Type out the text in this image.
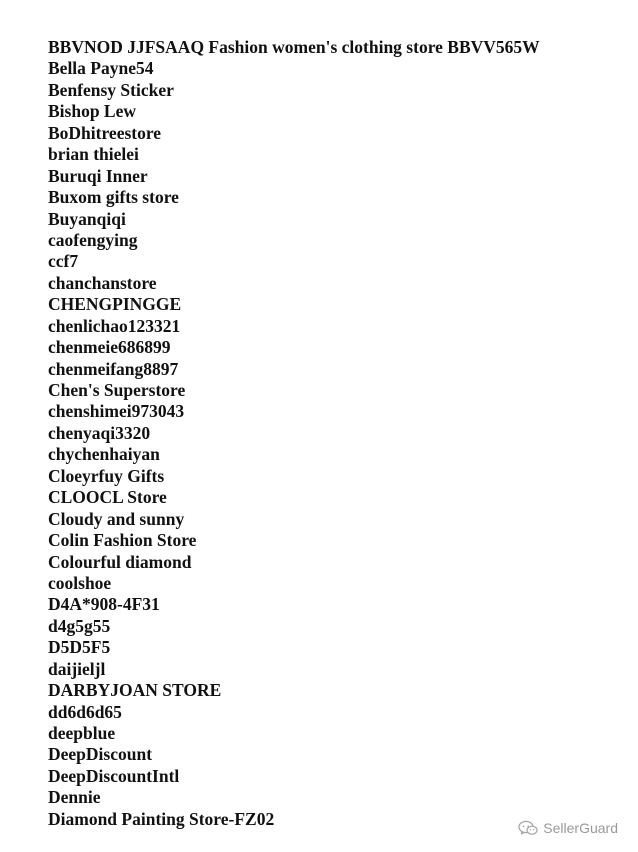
BBVNOD JJFSAAQ Fashion women's clothing store BBVV565W
Bella Payne54
Benfensy Sticker
Bishop Lew
BoDhitreestore
brian thielei
Buruqi Inner
Buxom gifts store
Buyanqiqi
caofengying
ccf7
chanchanstore
CHENGPINGGE
chenlichao123321
chenmeie686899
chenmeifang8897
Chen's Superstore
chenshimei973043
chenyaqi3320
chychenhaiyan
Cloeyrfuy Gifts
CLOOCL Store
Cloudy and sunny
Colin Fashion Store
Colourful diamond
coolshoe
D4A*908-4F31
d4g5g55
D5D5F5
daijieljl
DARBYJOAN STORE
dd6d6d65
deepblue
DeepDiscount
DeepDiscountIntl
Dennie
Diamond Painting Store-FZ02	SellerGuard
